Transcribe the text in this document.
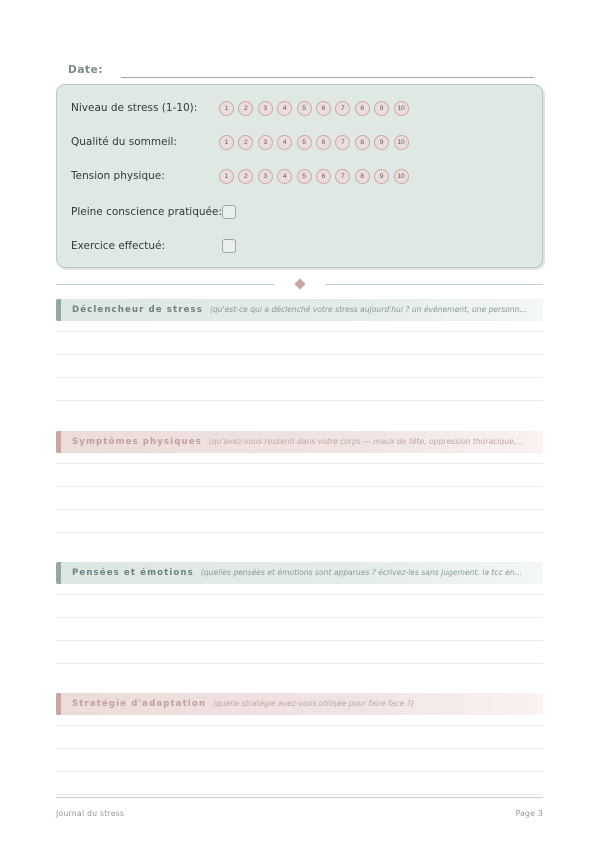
Date:
Niveau de stress (1-10):	1	2	3	4	5	6	7	8	9	10
Qualité du sommeil:	1	2	3	4	5	6	7	8	9	10
Tension physique:	1	2	3	4	5	6	7	8	9	10
Pleine conscience pratiquée:
Exercice effectué:
Déclencheur de stress (qu'est-ce qui a déclenché votre stress aujourd'hui ? un événement, une personn…
Symptômes physiques (qu'avez-vous ressenti dans votre corps — maux de tête, oppression thoracique,…
Pensées et émotions (quelles pensées et émotions sont apparues ? écrivez-les sans jugement. la tcc en…
Stratégie d'adaptation (quelle stratégie avez-vous utilisée pour faire face ?)
Journal du stress	Page 3
